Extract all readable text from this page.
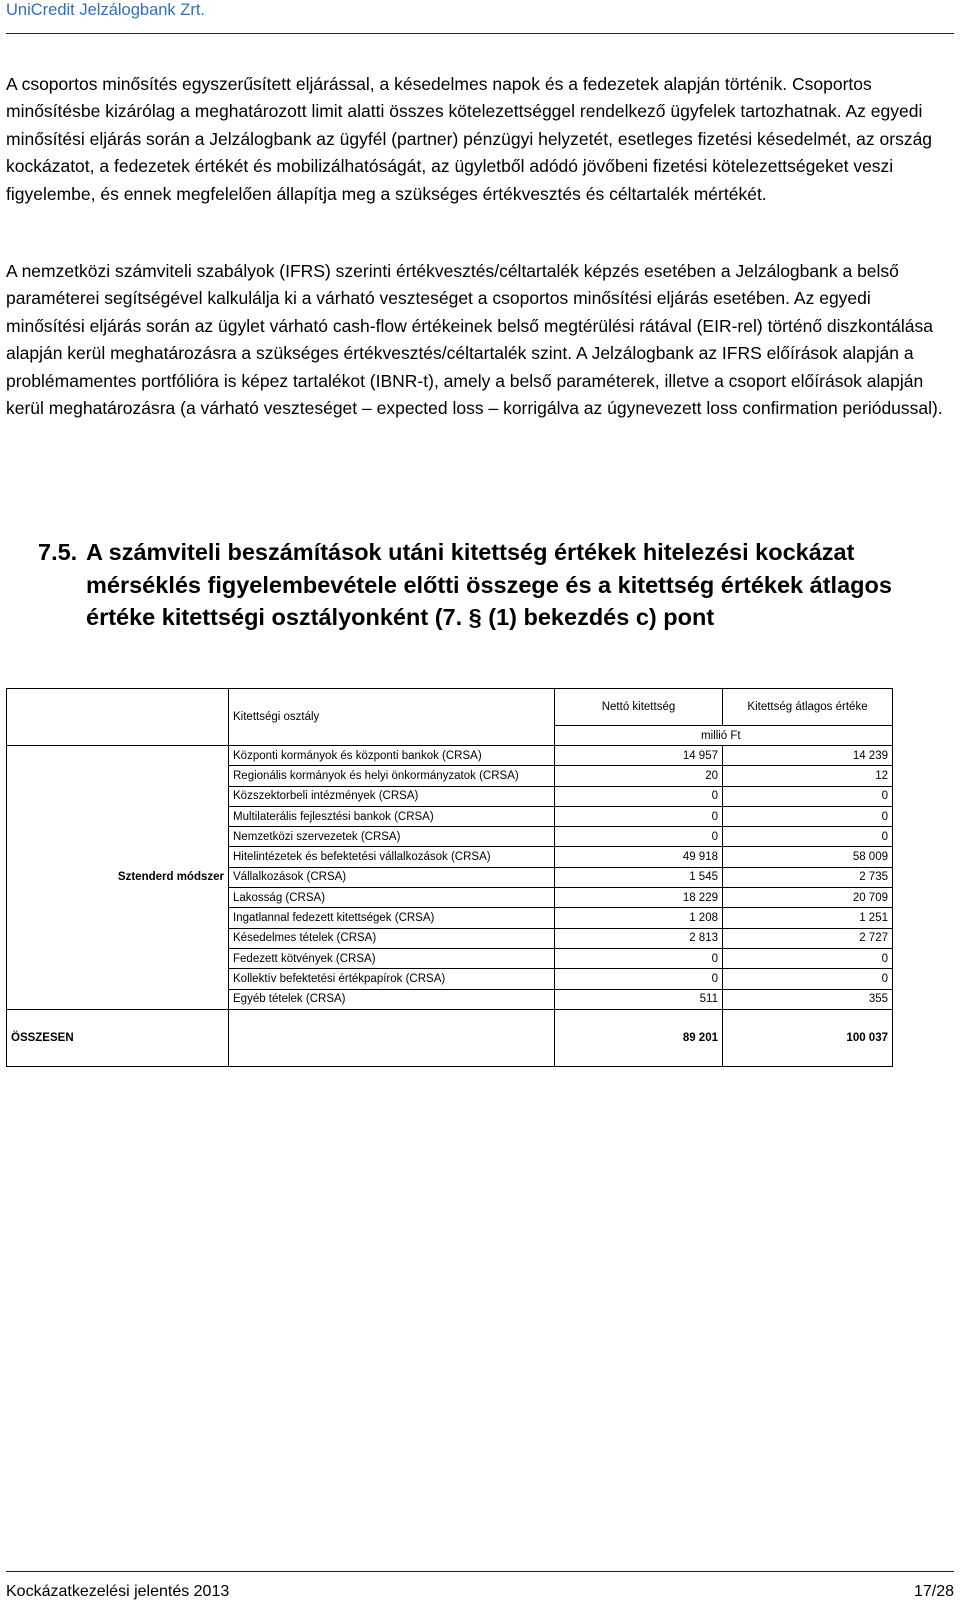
UniCredit Jelzálogbank Zrt.

A csoportos minősítés egyszerűsített eljárással, a késedelmes napok és a fedezetek alapján történik. Csoportos minősítésbe kizárólag a meghatározott limit alatti összes kötelezettséggel rendelkező ügyfelek tartozhatnak. Az egyedi minősítési eljárás során a Jelzálogbank az ügyfél (partner) pénzügyi helyzetét, esetleges fizetési késedelmét, az ország kockázatot, a fedezetek értékét és mobilizálhatóságát, az ügyletből adódó jövőbeni fizetési kötelezettségeket veszi figyelembe, és ennek megfelelően állapítja meg a szükséges értékvesztés és céltartalék mértékét.

A nemzetközi számviteli szabályok (IFRS) szerinti értékvesztés/céltartalék képzés esetében a Jelzálogbank a belső paraméterei segítségével kalkulálja ki a várható veszteséget a csoportos minősítési eljárás esetében. Az egyedi minősítési eljárás során az ügylet várható cash-flow értékeinek belső megtérülési rátával (EIR-rel) történő diszkontálása alapján kerül meghatározásra a szükséges értékvesztés/céltartalék szint. A Jelzálogbank az IFRS előírások alapján a problémamentes portfólióra is képez tartalékot (IBNR-t), amely a belső paraméterek, illetve a csoport előírások alapján kerül meghatározásra (a várható veszteséget – expected loss – korrigálva az úgynevezett loss confirmation periódussal).

7.5. A számviteli beszámítások utáni kitettség értékek hitelezési kockázat mérséklés figyelembevétele előtti összege és a kitettség értékek átlagos értéke kitettségi osztályonként (7. § (1) bekezdés c) pont
	Kitettségi osztály	Nettó kitettség	Kitettség átlagos értéke
		millió Ft	
Sztenderd módszer	Központi kormányok és központi bankok (CRSA)	14 957	14 239
	Regionális kormányok és helyi önkormányzatok (CRSA)	20	12
	Közszektorbeli intézmények (CRSA)	0	0
	Multilaterális fejlesztési bankok (CRSA)	0	0
	Nemzetközi szervezetek (CRSA)	0	0
	Hitelintézetek és befektetési vállalkozások (CRSA)	49 918	58 009
	Vállalkozások (CRSA)	1 545	2 735
	Lakosság (CRSA)	18 229	20 709
	Ingatlannal fedezett kitettségek (CRSA)	1 208	1 251
	Késedelmes tételek (CRSA)	2 813	2 727
	Fedezett kötvények (CRSA)	0	0
	Kollektív befektetési értékpapírok (CRSA)	0	0
	Egyéb tételek (CRSA)	511	355
ÖSSZESEN		89 201	100 037
Kockázatkezelési jelentés 2013	17/28
